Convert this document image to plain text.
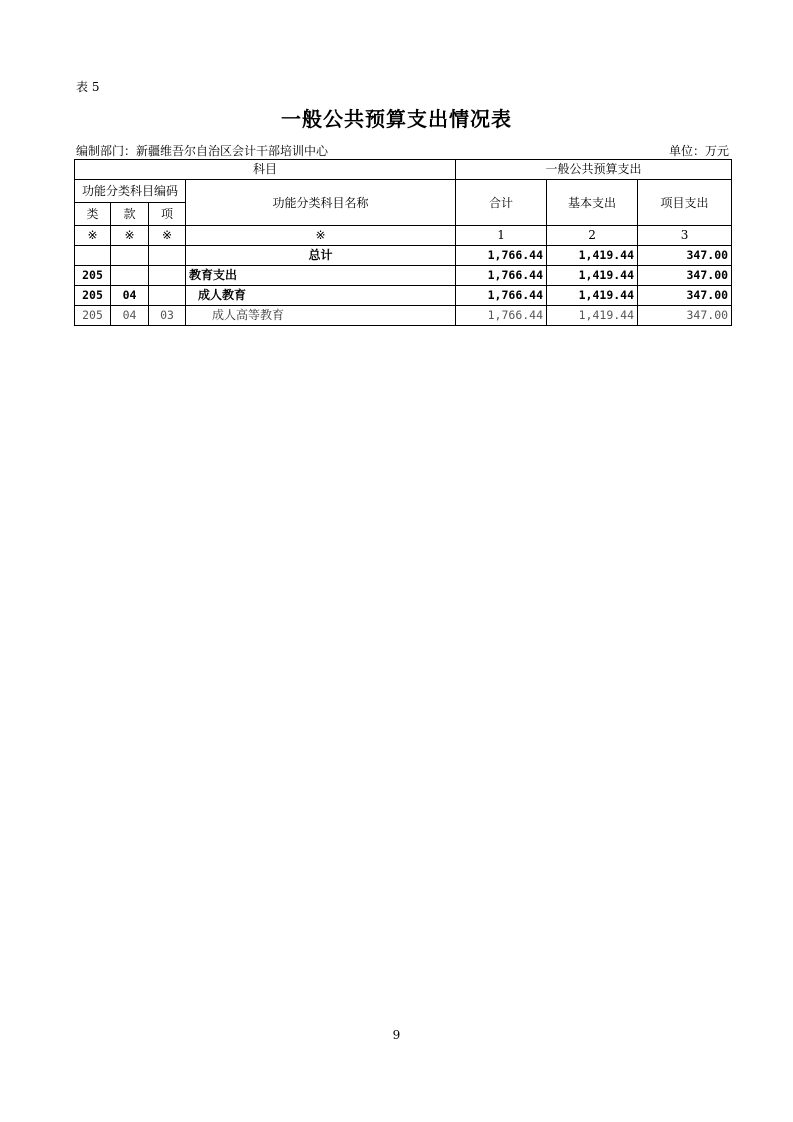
表 5
一般公共预算支出情况表
编制部门：新疆维吾尔自治区会计干部培训中心	单位：万元
科目				一般公共预算支出		
功能分类科目编码			功能分类科目名称	合计	基本支出	项目支出
类	款	项				
※	※	※	※	1	2	3
			总计	1,766.44	1,419.44	347.00
205			教育支出	1,766.44	1,419.44	347.00
205	04		成人教育	1,766.44	1,419.44	347.00
205	04	03	成人高等教育	1,766.44	1,419.44	347.00
9
